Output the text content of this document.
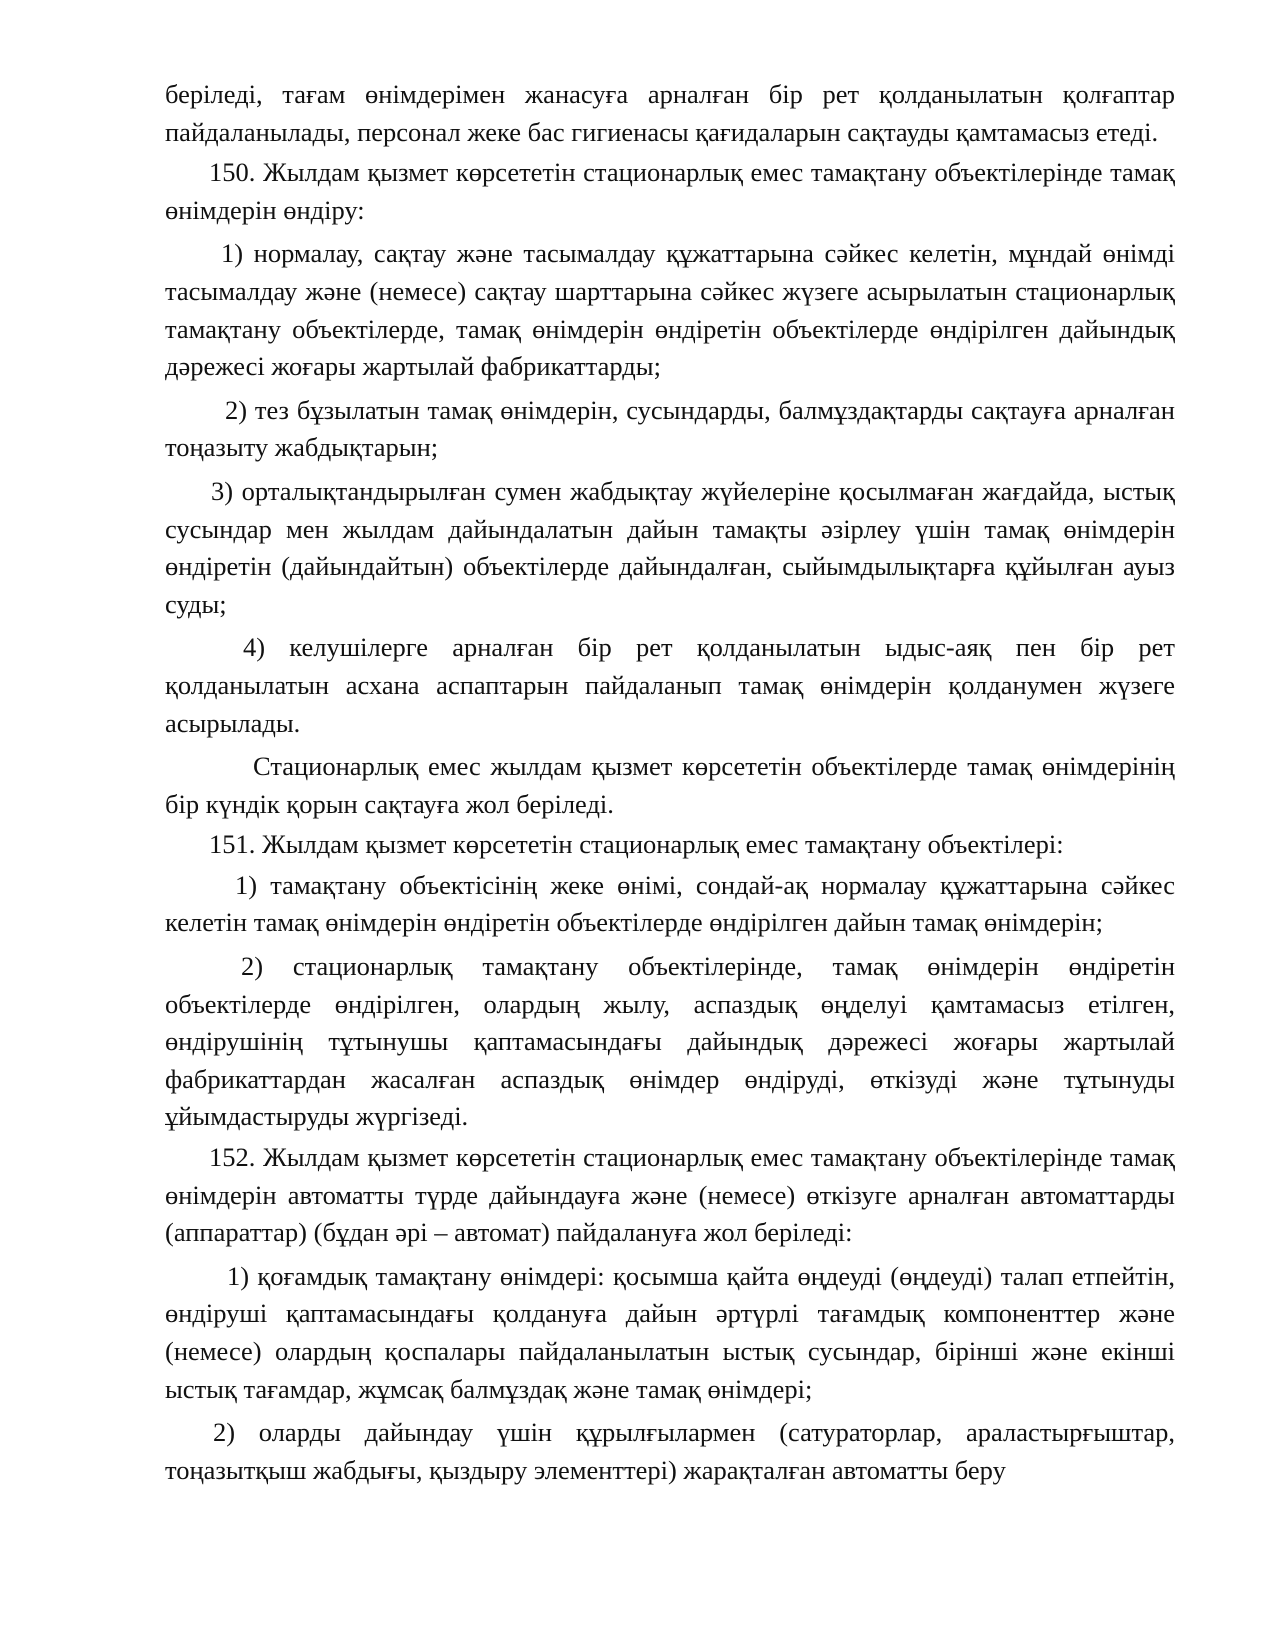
беріледі, тағам өнімдерімен жанасуға арналған бір рет қолданылатын қолғаптар пайдаланылады, персонал жеке бас гигиенасы қағидаларын сақтауды қамтамасыз етеді.

150. Жылдам қызмет көрсететін стационарлық емес тамақтану объектілерінде тамақ өнімдерін өндіру:

1) нормалау, сақтау және тасымалдау құжаттарына сәйкес келетін, мұндай өнімді тасымалдау және (немесе) сақтау шарттарына сәйкес жүзеге асырылатын стационарлық тамақтану объектілерде, тамақ өнімдерін өндіретін объектілерде өндірілген дайындық дәрежесі жоғары жартылай фабрикаттарды;

2) тез бұзылатын тамақ өнімдерін, сусындарды, балмұздақтарды сақтауға арналған тоңазыту жабдықтарын;

3) орталықтандырылған сумен жабдықтау жүйелеріне қосылмаған жағдайда, ыстық сусындар мен жылдам дайындалатын дайын тамақты әзірлеу үшін тамақ өнімдерін өндіретін (дайындайтын) объектілерде дайындалған, сыйымдылықтарға құйылған ауыз суды;

4) келушілерге арналған бір рет қолданылатын ыдыс-аяқ пен бір рет қолданылатын асхана аспаптарын пайдаланып тамақ өнімдерін қолданумен жүзеге асырылады.

Стационарлық емес жылдам қызмет көрсететін объектілерде тамақ өнімдерінің бір күндік қорын сақтауға жол беріледі.

151. Жылдам қызмет көрсететін стационарлық емес тамақтану объектілері:

1) тамақтану объектісінің жеке өнімі, сондай-ақ нормалау құжаттарына сәйкес келетін тамақ өнімдерін өндіретін объектілерде өндірілген дайын тамақ өнімдерін;

2) стационарлық тамақтану объектілерінде, тамақ өнімдерін өндіретін объектілерде өндірілген, олардың жылу, аспаздық өңделуі қамтамасыз етілген, өндірушінің тұтынушы қаптамасындағы дайындық дәрежесі жоғары жартылай фабрикаттардан жасалған аспаздық өнімдер өндіруді, өткізуді және тұтынуды ұйымдастыруды жүргізеді.

152. Жылдам қызмет көрсететін стационарлық емес тамақтану объектілерінде тамақ өнімдерін автоматты түрде дайындауға және (немесе) өткізуге арналған автоматтарды (аппараттар) (бұдан әрі – автомат) пайдалануға жол беріледі:

1) қоғамдық тамақтану өнімдері: қосымша қайта өңдеуді (өңдеуді) талап етпейтін, өндіруші қаптамасындағы қолдануға дайын әртүрлі тағамдық компоненттер және (немесе) олардың қоспалары пайдаланылатын ыстық сусындар, бірінші және екінші ыстық тағамдар, жұмсақ балмұздақ және тамақ өнімдері;

2) оларды дайындау үшін құрылғылармен (сатураторлар, араластырғыштар, тоңазытқыш жабдығы, қыздыру элементтері) жарақталған автоматты беру
